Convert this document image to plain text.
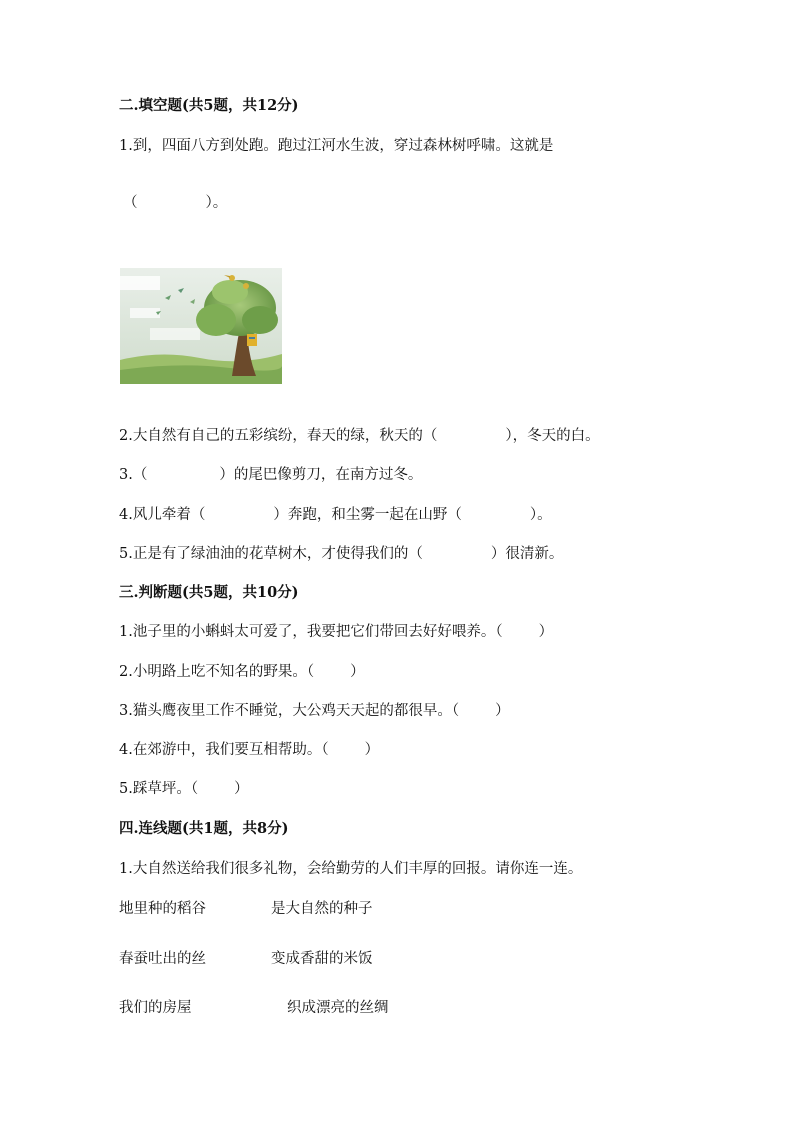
二.填空题(共5题，共12分)
1.到，四面八方到处跑。跑过江河水生波，穿过森林树呼啸。这就是
（	）。
2.大自然有自己的五彩缤纷，春天的绿，秋天的（	），冬天的白。
3.（	）的尾巴像剪刀，在南方过冬。
4.风儿牵着（	）奔跑，和尘雾一起在山野（	）。
5.正是有了绿油油的花草树木，才使得我们的（	）很清新。
三.判断题(共5题，共10分)
1.池子里的小蝌蚪太可爱了，我要把它们带回去好好喂养。（ ）
2.小明路上吃不知名的野果。（ ）
3.猫头鹰夜里工作不睡觉，大公鸡天天起的都很早。（ ）
4.在郊游中，我们要互相帮助。（ ）
5.踩草坪。（ ）
四.连线题(共1题，共8分)
1.大自然送给我们很多礼物，会给勤劳的人们丰厚的回报。请你连一连。
地里种的稻谷	是大自然的种子
春蚕吐出的丝	变成香甜的米饭
我们的房屋	织成漂亮的丝绸
